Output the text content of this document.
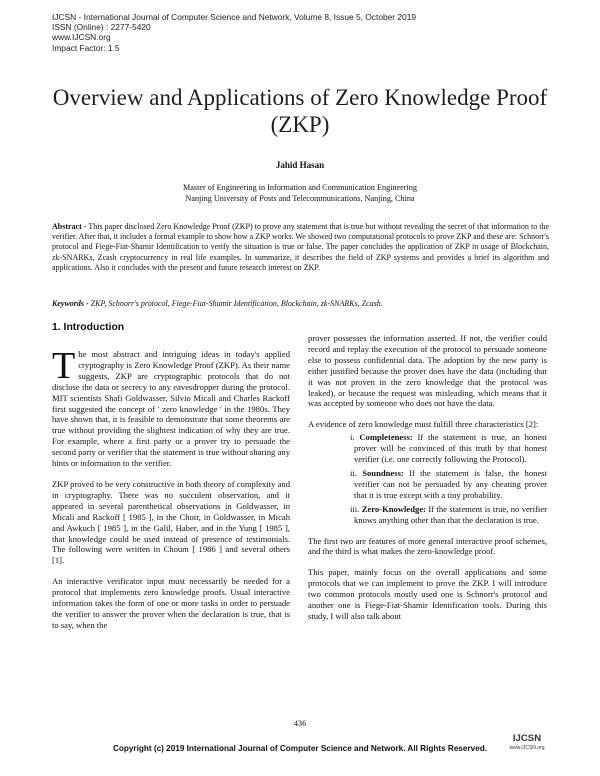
IJCSN - International Journal of Computer Science and Network, Volume 8, Issue 5, October 2019
ISSN (Online) : 2277-5420
www.IJCSN.org
Impact Factor: 1.5
Overview and Applications of Zero Knowledge Proof (ZKP)
Jahid Hasan
Master of Engineering in Information and Communication Engineering
Nanjing University of Posts and Telecommunications, Nanjing, China
Abstract - This paper disclosed Zero Knowledge Proof (ZKP) to prove any statement that is true but without revealing the secret of that information to the verifier. After that, it includes a formal example to show how a ZKP works. We showed two computational protocols to prove ZKP and these are: Schnorr's protocol and Fiege-Fiat-Shamir Identification to verify the situation is true or false. The paper concludes the application of ZKP in usage of Blockchain, zk-SNARKs, Zcash cryptocurrency in real life examples. In summarize, it describes the field of ZKP systems and provides a brief its algorithm and applications. Also it concludes with the present and future research interest on ZKP.
Keywords - ZKP, Schnorr's protocol, Fiege-Fiat-Shamir Identification, Blockchain, zk-SNARKs, Zcash.
1. Introduction

The most abstract and intriguing ideas in today's applied cryptography is Zero Knowledge Proof (ZKP). As their name suggests, ZKP are cryptographic protocols that do not disclose the data or secrecy to any eavesdropper during the protocol. MIT scientists Shafi Goldwasser, Silvio Micali and Charles Rackoff first suggested the concept of ' zero knowledge ' in the 1980s. They have shown that, it is feasible to demonstrate that some theorems are true without providing the slightest indication of why they are true. For example, where a first party or a prover try to persuade the second party or verifier that the statement is true without sharing any hints or information to the verifier.

ZKP proved to be very constructive in both theory of complexity and in cryptography. There was no succulent observation, and it appeared in several parenthetical observations in Goldwasser, in Micali and Rackoff [ 1985 ], in the Choir, in Goldwasser, in Micah and Awkuch [ 1985 ], in the Galil, Haber, and in the Yung [ 1985 ], that knowledge could be used instead of presence of testimonials. The following were written in Choum [ 1986 ] and several others [1].

An interactive verificator input must necessarily be needed for a protocol that implements zero knowledge proofs. Usual interactive information takes the form of one or more tasks in order to persuade the verifier to answer the prover when the declaration is true, that is to say, when the

prover possesses the information asserted. If not, the verifier could record and replay the execution of the protocol to persuade someone else to possess confidential data. The adoption by the new party is either justified because the prover does have the data (including that it was not proven in the zero knowledge that the protocol was leaked), or because the request was misleading, which means that it was accepted by someone who does not have the data.

A evidence of zero knowledge must fulfill three characteristics [2]:

i. Completeness: If the statement is true, an honest prover will be convinced of this truth by that honest verifier (i.e. one correctly following the Protocol).
ii. Soundness: If the statement is false, the honest verifier can not be persuaded by any cheating prover that it is true except with a tiny probability.
iii. Zero-Knowledge: If the statement is true, no verifier knows anything other than that the declaration is true.

The first two are features of more general interactive proof schemes, and the third is what makes the zero-knowledge proof.

This paper, mainly focus on the overall applications and some protocols that we can implement to prove the ZKP. I will introduce two common protocols mostly used one is Schnorr's protocol and another one is Fiege-Fiat-Shamir Identification tools. During this study, I will also talk about

436
Copyright (c) 2019 International Journal of Computer Science and Network. All Rights Reserved.
IJCSN
www.IJCSN.org
